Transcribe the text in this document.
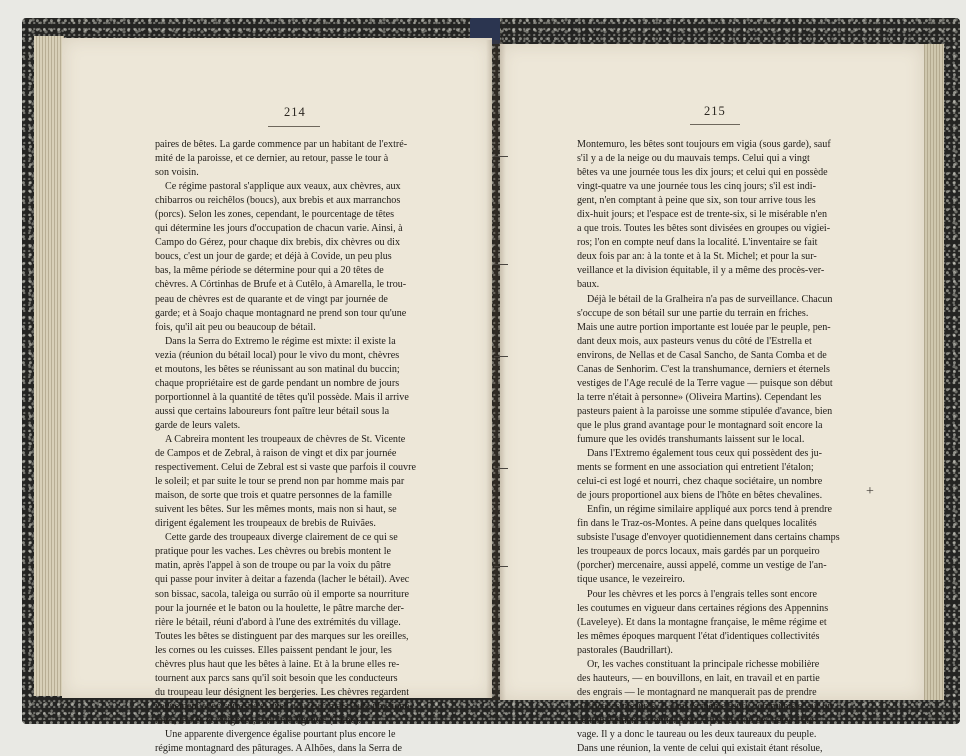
214	215
paires de bêtes. La garde commence par un habitant de l'extré-
mité de la paroisse, et ce dernier, au retour, passe le tour à
son voisin.
Ce régime pastoral s'applique aux veaux, aux chèvres, aux
chibarros ou reichêlos (boucs), aux brebis et aux marranchos
(porcs). Selon les zones, cependant, le pourcentage de têtes
qui détermine les jours d'occupation de chacun varie. Ainsi, à
Campo do Gérez, pour chaque dix brebis, dix chèvres ou dix
boucs, c'est un jour de garde; et déjà à Covide, un peu plus
bas, la même période se détermine pour qui a 20 têtes de
chèvres. A Córtinhas de Brufe et à Cutêlo, à Amarella, le trou-
peau de chèvres est de quarante et de vingt par journée de
garde; et à Soajo chaque montagnard ne prend son tour qu'une
fois, qu'il ait peu ou beaucoup de bétail.
Dans la Serra do Extremo le régime est mixte: il existe la
vezia (réunion du bétail local) pour le vivo du mont, chèvres
et moutons, les bêtes se réunissant au son matinal du buccin;
chaque propriétaire est de garde pendant un nombre de jours
porportionnel à la quantité de têtes qu'il possède. Mais il arrive
aussi que certains laboureurs font paître leur bétail sous la
garde de leurs valets.
A Cabreira montent les troupeaux de chèvres de St. Vicente
de Campos et de Zebral, à raison de vingt et dix par journée
respectivement. Celui de Zebral est si vaste que parfois il couvre
le soleil; et par suite le tour se prend non par homme mais par
maison, de sorte que trois et quatre personnes de la famille
suivent les bêtes. Sur les mêmes monts, mais non si haut, se
dirigent également les troupeaux de brebis de Ruivães.
Cette garde des troupeaux diverge clairement de ce qui se
pratique pour les vaches. Les chèvres ou brebis montent le
matin, après l'appel à son de troupe ou par la voix du pâtre
qui passe pour inviter à deitar a fazenda (lacher le bétail). Avec
son bissac, sacola, taleiga ou surrão où il emporte sa nourriture
pour la journée et le baton ou la houlette, le pâtre marche der-
rière le bétail, réuni d'abord à l'une des extrémités du village.
Toutes les bêtes se distinguent par des marques sur les oreilles,
les cornes ou les cuisses. Elles paissent pendant le jour, les
chèvres plus haut que les bêtes à laine. Et à la brune elles re-
tournent aux parcs sans qu'il soit besoin que les conducteurs
du troupeau leur désignent les bergeries. Les chèvres regardent
vaguement avec curiosité et avec douceur; mais leurs physiono-
mies, tristes et résignées, sont intelligentes (Taine).
Une apparente divergence égalise pourtant plus encore le
régime montagnard des pâturages. A Alhões, dans la Serra de
Montemuro, les bêtes sont toujours em vigia (sous garde), sauf
s'il y a de la neige ou du mauvais temps. Celui qui a vingt
bêtes va une journée tous les dix jours; et celui qui en possède
vingt-quatre va une journée tous les cinq jours; s'il est indi-
gent, n'en comptant à peine que six, son tour arrive tous les
dix-huit jours; et l'espace est de trente-six, si le misérable n'en
a que trois. Toutes les bêtes sont divisées en groupes ou vigiei-
ros; l'on en compte neuf dans la localité. L'inventaire se fait
deux fois par an: à la tonte et à la St. Michel; et pour la sur-
veillance et la division équitable, il y a même des procès-ver-
baux.
Déjà le bétail de la Gralheira n'a pas de surveillance. Chacun
s'occupe de son bétail sur une partie du terrain en friches.
Mais une autre portion importante est louée par le peuple, pen-
dant deux mois, aux pasteurs venus du côté de l'Estrella et
environs, de Nellas et de Casal Sancho, de Santa Comba et de
Canas de Senhorim. C'est la transhumance, derniers et éternels
vestiges de l'Age reculé de la Terre vague — puisque son début
la terre n'était à personne» (Oliveira Martins). Cependant les
pasteurs paient à la paroisse une somme stipulée d'avance, bien
que le plus grand avantage pour le montagnard soit encore la
fumure que les ovidés transhumants laissent sur le local.
Dans l'Extremo également tous ceux qui possèdent des ju-
ments se forment en une association qui entretient l'étalon;
celui-ci est logé et nourri, chez chaque sociétaire, un nombre
de jours proportionel aux biens de l'hôte en bêtes chevalines.
Enfin, un régime similaire appliqué aux porcs tend à prendre
fin dans le Traz-os-Montes. A peine dans quelques localités
subsiste l'usage d'envoyer quotidiennement dans certains champs
les troupeaux de porcs locaux, mais gardés par un porqueiro
(porcher) mercenaire, aussi appelé, comme un vestige de l'an-
tique usance, le vezeireiro.
Pour les chèvres et les porcs à l'engrais telles sont encore
les coutumes en vigueur dans certaines régions des Appennins
(Laveleye). Et dans la montagne française, le même régime et
les mêmes époques marquent l'état d'identiques collectivités
pastorales (Baudrillart).
Or, les vaches constituant la principale richesse mobilière
des hauteurs, — en bouvillons, en lait, en travail et en partie
des engrais — le montagnard ne manquerait pas de prendre
d'efficaces mesures, et dans le même esprit communiste, sur un
certain élément essentiel pour la production des bêtes d'élé-
vage. Il y a donc le taureau ou les deux taureaux du peuple.
Dans une réunion, la vente de celui qui existait étant résolue,
+
